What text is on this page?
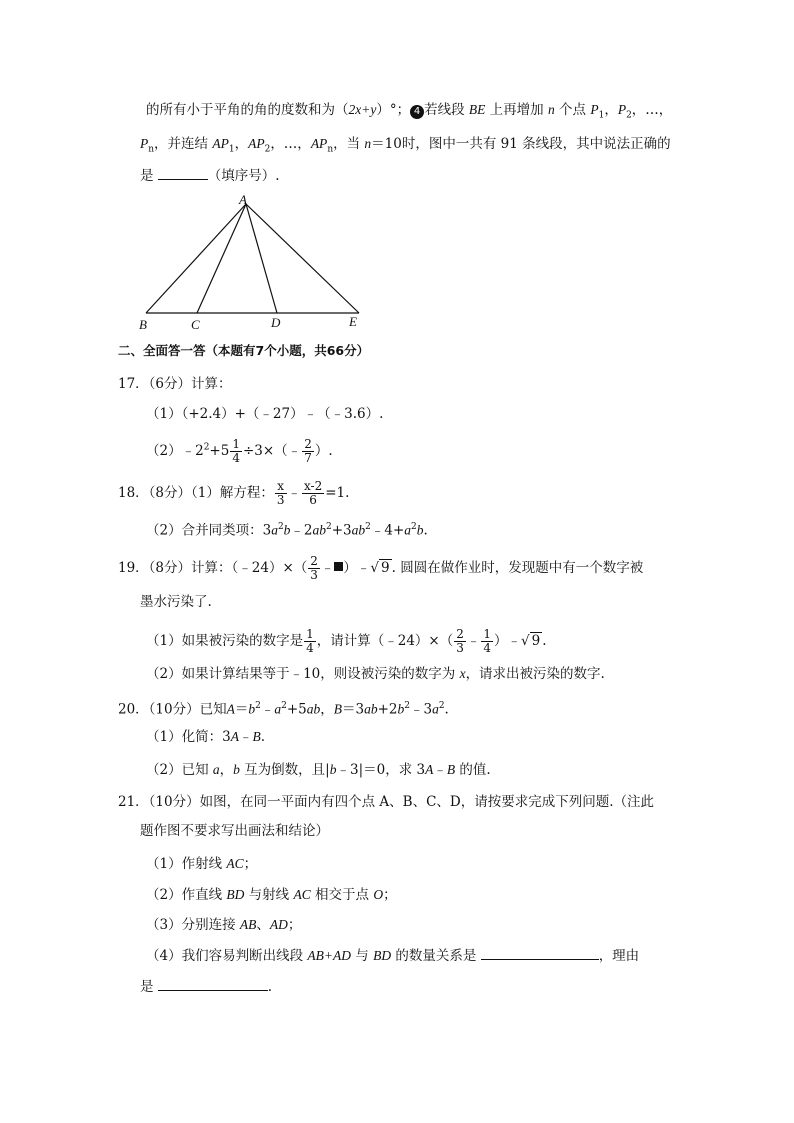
的所有小于平角的角的度数和为（2x+y）°； 4 若线段 BE 上再增加 n 个点 $P_1$，$P_2$，…，
$P_n$，并连结 $AP_1$，$AP_2$，…，$AP_n$，当 n＝10时，图中一共有 91 条线段，其中说法正确的
是	（填序号）.
A
B	C	D	E
二、全面答一答（本题有7个小题，共66分）
17．（6分）计算：
（1）（+2.4）+（﹣27）﹣（﹣3.6）.
$(2)﹣2^2+5 \frac{1}{4}$ ÷3×（﹣ $\frac{2}{7}$ ）.
18．（8分）（1）解方程： $\frac{x}{3}$ ﹣ $\frac{x-2}{6} =1$.
（2）合并同类项：$3a^2b﹣2ab^2+3ab^2﹣4+a^2b$.
19．（8分）计算：（﹣24）×（ $\frac{2}{3}$ ﹣ ）﹣√ 9 . 圆圆在做作业时，发现题中有一个数字被
墨水污染了.
（1）如果被污染的数字是 $\frac{1}{4}$ ，请计算（﹣24）×（ $\frac{2}{3}$ ﹣ $\frac{1}{4}$ ）﹣√ 9 .
（2）如果计算结果等于﹣10，则设被污染的数字为 x，请求出被污染的数字.
20．（10分）已知$A=b^2﹣a^2+5ab$，$B=3ab+2b^2﹣3a^2$.
（1）化简：3A﹣B.
（2）已知 a，b 互为倒数，且|b﹣3|＝0，求 3A﹣B 的值.
21．（10分）如图，在同一平面内有四个点 A、B、C、D，请按要求完成下列问题.（注此
题作图不要求写出画法和结论）
（1）作射线 AC；
（2）作直线 BD 与射线 AC 相交于点 O；
（3）分别连接 AB、AD；
（4）我们容易判断出线段 AB+AD 与 BD 的数量关系是	，理由
是	.
